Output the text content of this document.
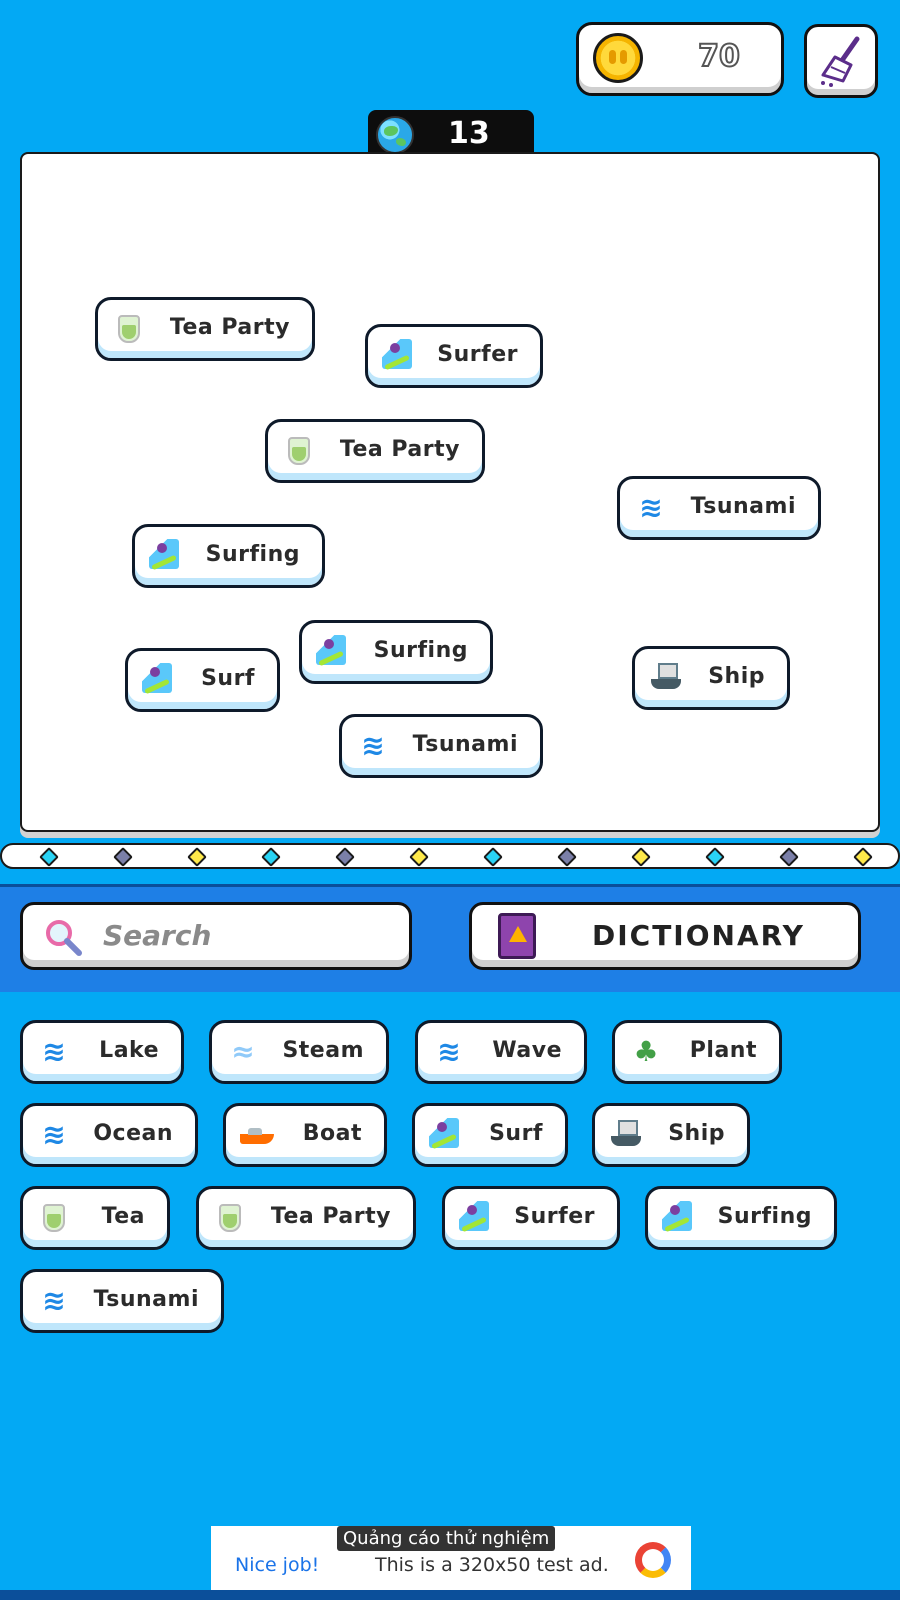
70
13
Tea Party
Surfer
Tea Party
≋ Tsunami
Surfing
Surfing
Surf	Ship
≋ Tsunami
Search
DICTIONARY
≋ Lake	≈ Steam	≋ Wave	♣ Plant
≋ Ocean	Boat	Surf	Ship
Tea	Tea Party	Surfer	Surfing
≋ Tsunami
Nice job!	This is a 320x50 test ad.
Quảng cáo thử nghiệm
